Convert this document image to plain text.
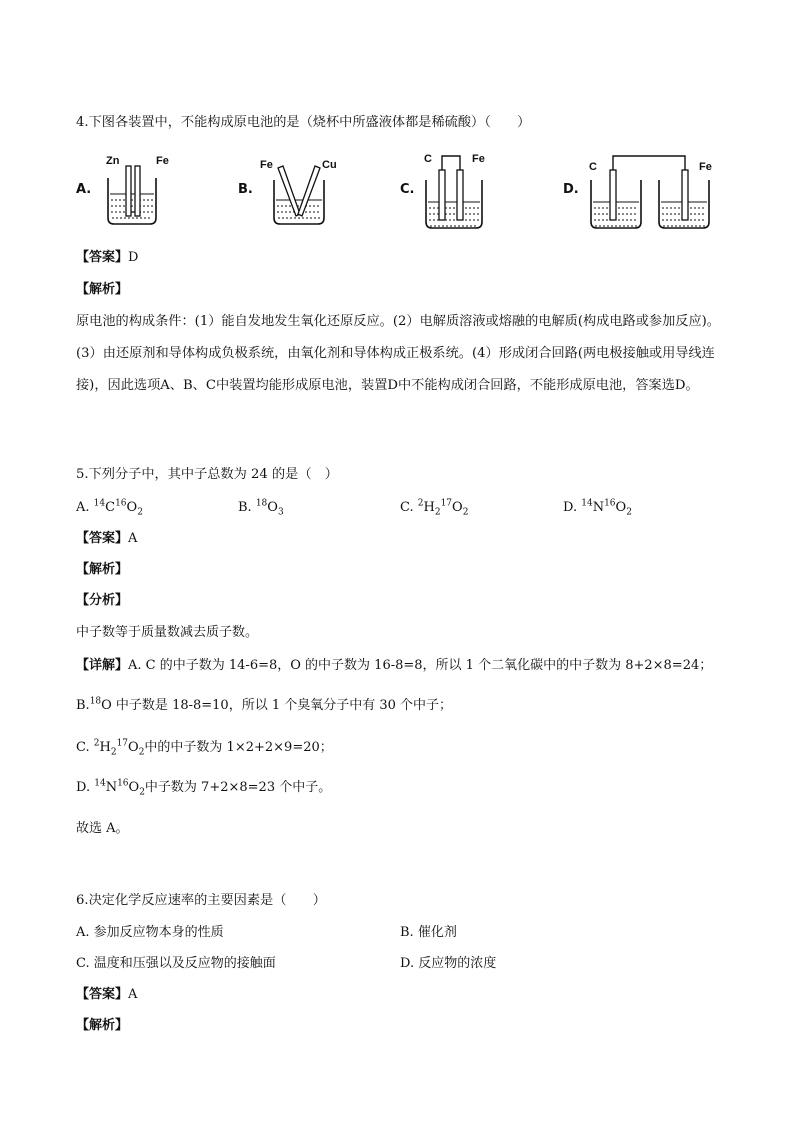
4.下图各装置中，不能构成原电池的是（烧杯中所盛液体都是稀硫酸）（　　）
A.
Zn	Fe
B.
Fe	Cu
C.
C	Fe
D.
C	Fe
【答案】D
【解析】
原电池的构成条件：(1）能自发地发生氧化还原反应。(2）电解质溶液或熔融的电解质(构成电路或参加反应)。(3）由还原剂和导体构成负极系统，由氧化剂和导体构成正极系统。(4）形成闭合回路(两电极接触或用导线连接)，因此选项A、B、C中装置均能形成原电池，装置D中不能构成闭合回路，不能形成原电池，答案选D。
5.下列分子中，其中子总数为 24 的是（　）
A. $^{14}C^{16}O_2$	B. $^{18}O_3$	C. $^2H_2^{17}O_2$	D. $^{14}N^{16}O_2$
【答案】A
【解析】
【分析】
中子数等于质量数减去质子数。
【详解】A. C 的中子数为 14-6=8，O 的中子数为 16-8=8，所以 1 个二氧化碳中的中子数为 8+2×8=24；
B.$^{18}$O 中子数是 18-8=10，所以 1 个臭氧分子中有 30 个中子；
C. $^2H_2^{17}O_2$中的中子数为 1×2+2×9=20；
D. $^{14}N^{16}O_2$中子数为 7+2×8=23 个中子。
故选 A。
6.决定化学反应速率的主要因素是（　　）
A. 参加反应物本身的性质	B. 催化剂
C. 温度和压强以及反应物的接触面	D. 反应物的浓度
【答案】A
【解析】
